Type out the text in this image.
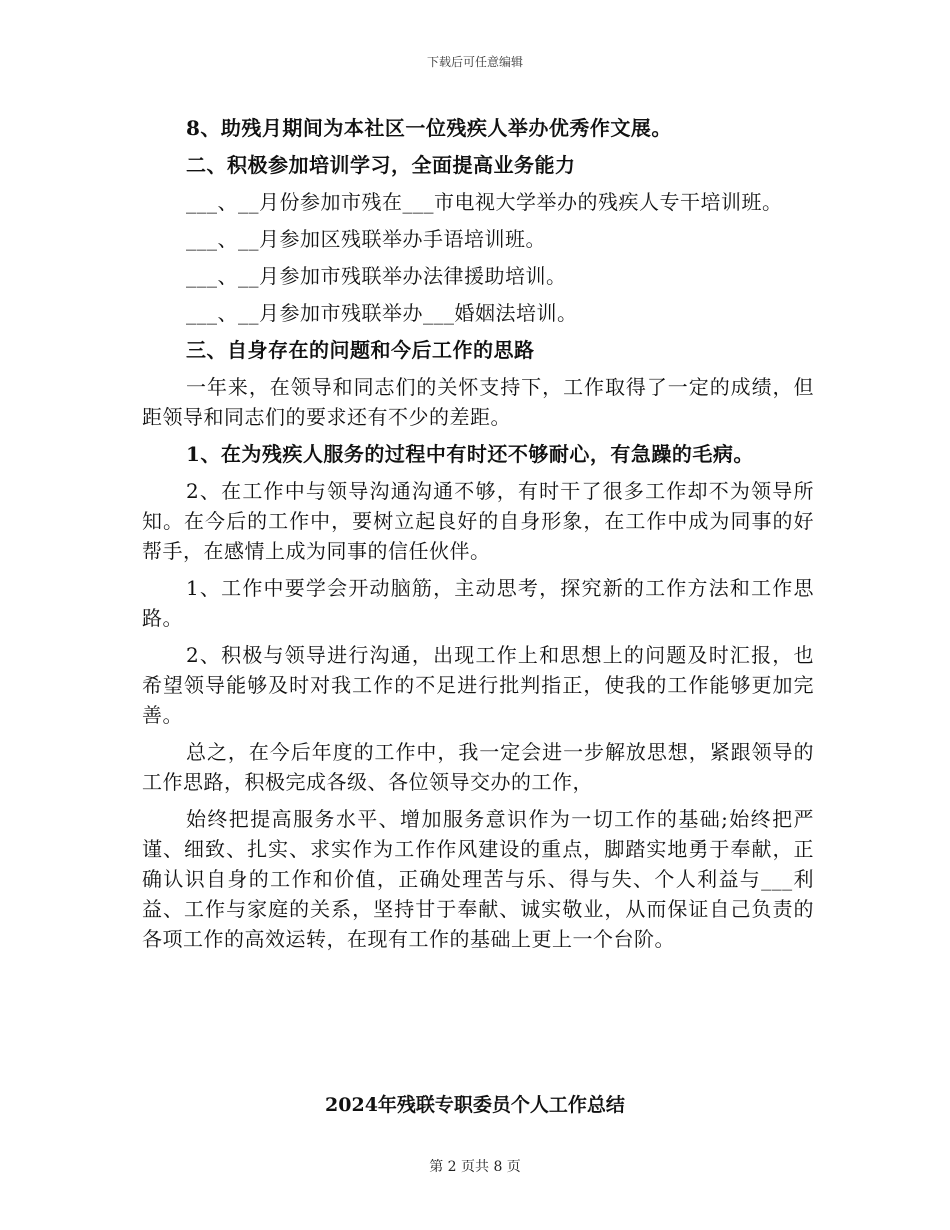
下载后可任意编辑

8、助残月期间为本社区一位残疾人举办优秀作文展。

二、积极参加培训学习，全面提高业务能力

___、__月份参加市残在___市电视大学举办的残疾人专干培训班。

___、__月参加区残联举办手语培训班。

___、__月参加市残联举办法律援助培训。

___、__月参加市残联举办___婚姻法培训。

三、自身存在的问题和今后工作的思路

一年来，在领导和同志们的关怀支持下，工作取得了一定的成绩，但距领导和同志们的要求还有不少的差距。

1、在为残疾人服务的过程中有时还不够耐心，有急躁的毛病。

2、在工作中与领导沟通沟通不够，有时干了很多工作却不为领导所知。在今后的工作中，要树立起良好的自身形象，在工作中成为同事的好帮手，在感情上成为同事的信任伙伴。

1、工作中要学会开动脑筋，主动思考，探究新的工作方法和工作思路。

2、积极与领导进行沟通，出现工作上和思想上的问题及时汇报，也希望领导能够及时对我工作的不足进行批判指正，使我的工作能够更加完善。

总之，在今后年度的工作中，我一定会进一步解放思想，紧跟领导的工作思路，积极完成各级、各位领导交办的工作，

始终把提高服务水平、增加服务意识作为一切工作的基础;始终把严谨、细致、扎实、求实作为工作作风建设的重点，脚踏实地勇于奉献，正确认识自身的工作和价值，正确处理苦与乐、得与失、个人利益与___利益、工作与家庭的关系，坚持甘于奉献、诚实敬业，从而保证自己负责的各项工作的高效运转，在现有工作的基础上更上一个台阶。

2024年残联专职委员个人工作总结
第 2 页共 8 页
